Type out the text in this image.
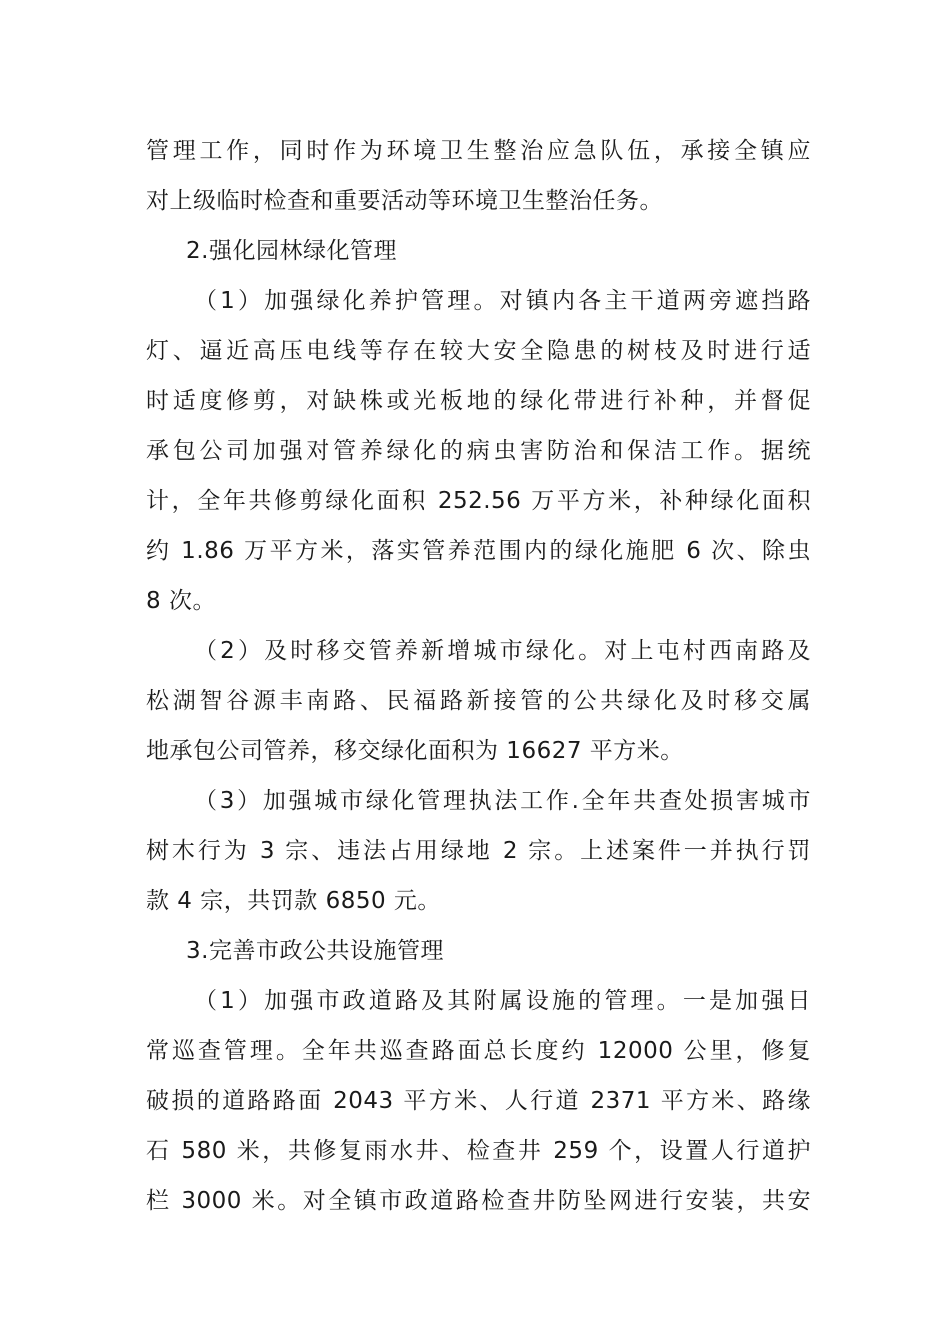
管理工作，同时作为环境卫生整治应急队伍，承接全镇应
对上级临时检查和重要活动等环境卫生整治任务。
2.强化园林绿化管理
（1）加强绿化养护管理。对镇内各主干道两旁遮挡路
灯、逼近高压电线等存在较大安全隐患的树枝及时进行适
时适度修剪，对缺株或光板地的绿化带进行补种，并督促
承包公司加强对管养绿化的病虫害防治和保洁工作。据统
计，全年共修剪绿化面积 252.56 万平方米，补种绿化面积
约 1.86 万平方米，落实管养范围内的绿化施肥 6 次、除虫
8 次。
（2）及时移交管养新增城市绿化。对上屯村西南路及
松湖智谷源丰南路、民福路新接管的公共绿化及时移交属
地承包公司管养，移交绿化面积为 16627 平方米。
（3）加强城市绿化管理执法工作.全年共查处损害城市
树木行为 3 宗、违法占用绿地 2 宗。上述案件一并执行罚
款 4 宗，共罚款 6850 元。
3.完善市政公共设施管理
（1）加强市政道路及其附属设施的管理。一是加强日
常巡查管理。全年共巡查路面总长度约 12000 公里，修复
破损的道路路面 2043 平方米、人行道 2371 平方米、路缘
石 580 米，共修复雨水井、检查井 259 个，设置人行道护
栏 3000 米。对全镇市政道路检查井防坠网进行安装，共安
